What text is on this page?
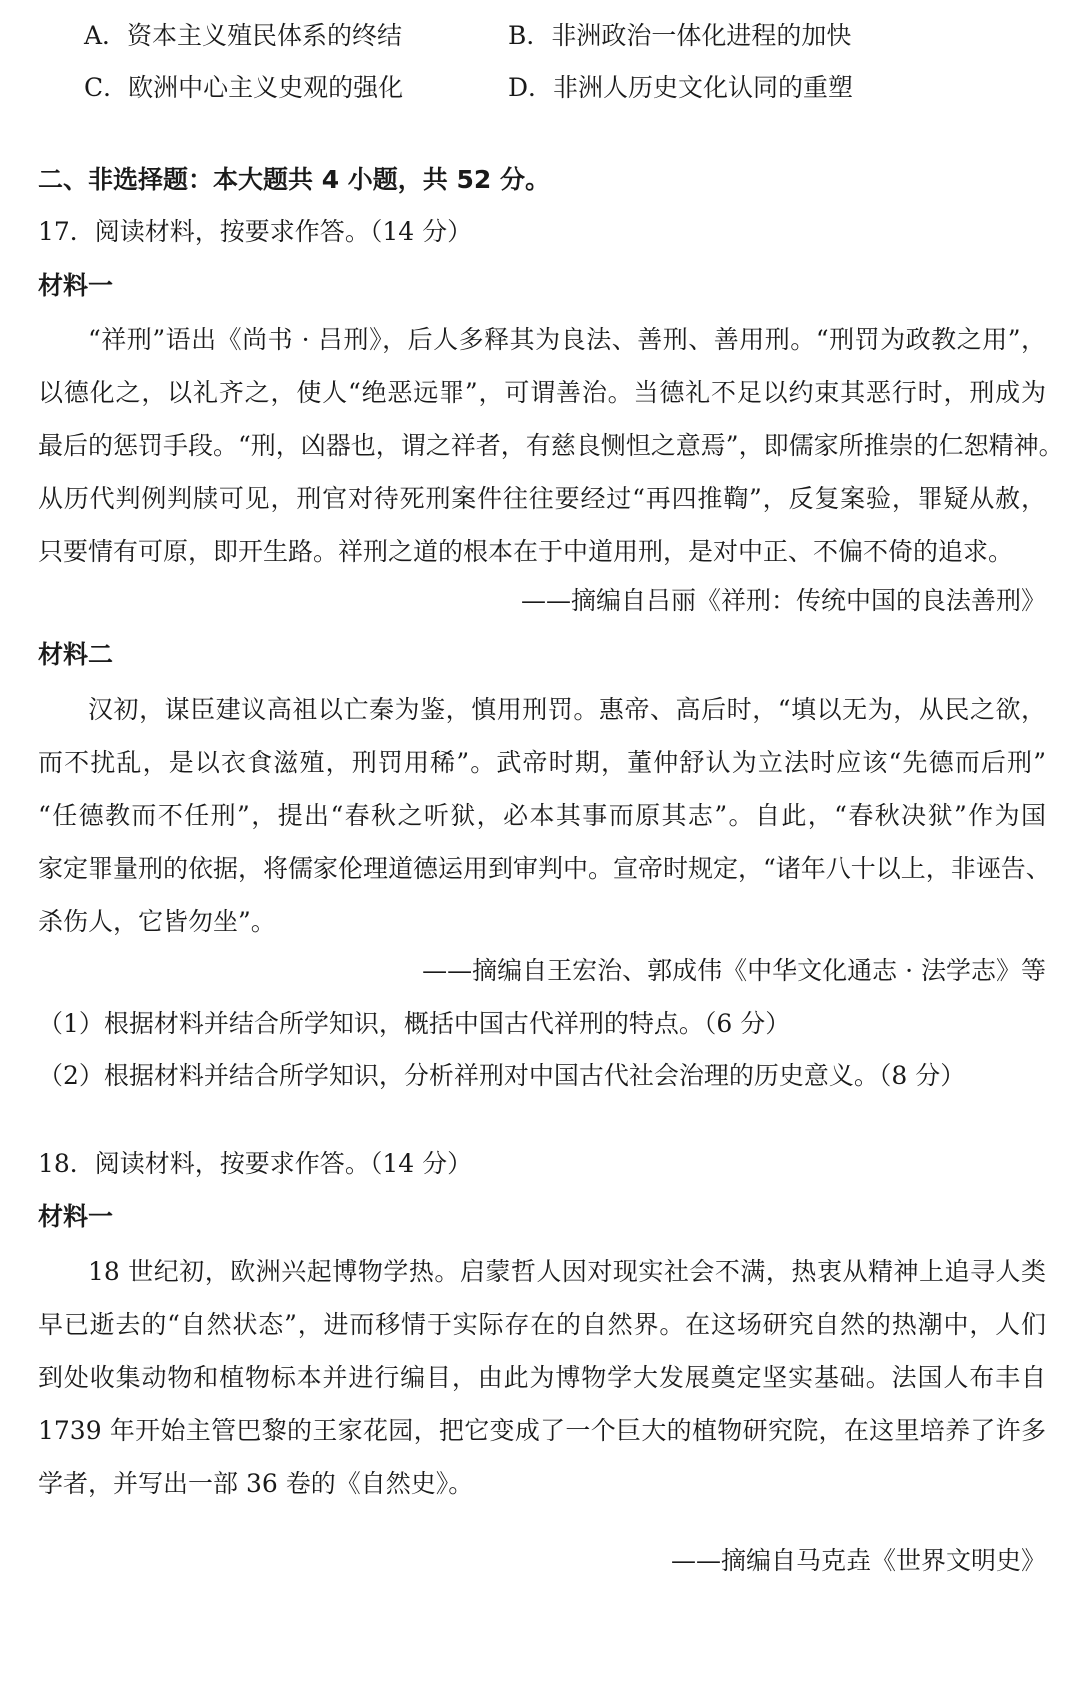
A．资本主义殖民体系的终结	B．非洲政治一体化进程的加快
C．欧洲中心主义史观的强化	D．非洲人历史文化认同的重塑
二、非选择题：本大题共 4 小题，共 52 分。
17．阅读材料，按要求作答。（14 分）
材料一
“祥刑”语出《尚书 · 吕刑》，后人多释其为良法、善刑、善用刑。“刑罚为政教之用”，
以德化之，以礼齐之，使人“绝恶远罪”，可谓善治。当德礼不足以约束其恶行时，刑成为
最后的惩罚手段。“刑，凶器也，谓之祥者，有慈良恻怛之意焉”，即儒家所推崇的仁恕精神。
从历代判例判牍可见，刑官对待死刑案件往往要经过“再四推鞫”，反复案验，罪疑从赦，
只要情有可原，即开生路。祥刑之道的根本在于中道用刑，是对中正、不偏不倚的追求。
——摘编自吕丽《祥刑：传统中国的良法善刑》
材料二
汉初，谋臣建议高祖以亡秦为鉴，慎用刑罚。惠帝、高后时，“填以无为，从民之欲，
而不扰乱，是以衣食滋殖，刑罚用稀”。武帝时期，董仲舒认为立法时应该“先德而后刑”
“任德教而不任刑”，提出“春秋之听狱，必本其事而原其志”。自此，“春秋决狱”作为国
家定罪量刑的依据，将儒家伦理道德运用到审判中。宣帝时规定，“诸年八十以上，非诬告、
杀伤人，它皆勿坐”。
——摘编自王宏治、郭成伟《中华文化通志 · 法学志》等
（1）根据材料并结合所学知识，概括中国古代祥刑的特点。（6 分）
（2）根据材料并结合所学知识，分析祥刑对中国古代社会治理的历史意义。（8 分）
18．阅读材料，按要求作答。（14 分）
材料一
18 世纪初，欧洲兴起博物学热。启蒙哲人因对现实社会不满，热衷从精神上追寻人类
早已逝去的“自然状态”，进而移情于实际存在的自然界。在这场研究自然的热潮中，人们
到处收集动物和植物标本并进行编目，由此为博物学大发展奠定坚实基础。法国人布丰自
1739 年开始主管巴黎的王家花园，把它变成了一个巨大的植物研究院，在这里培养了许多
学者，并写出一部 36 卷的《自然史》。
——摘编自马克垚《世界文明史》
